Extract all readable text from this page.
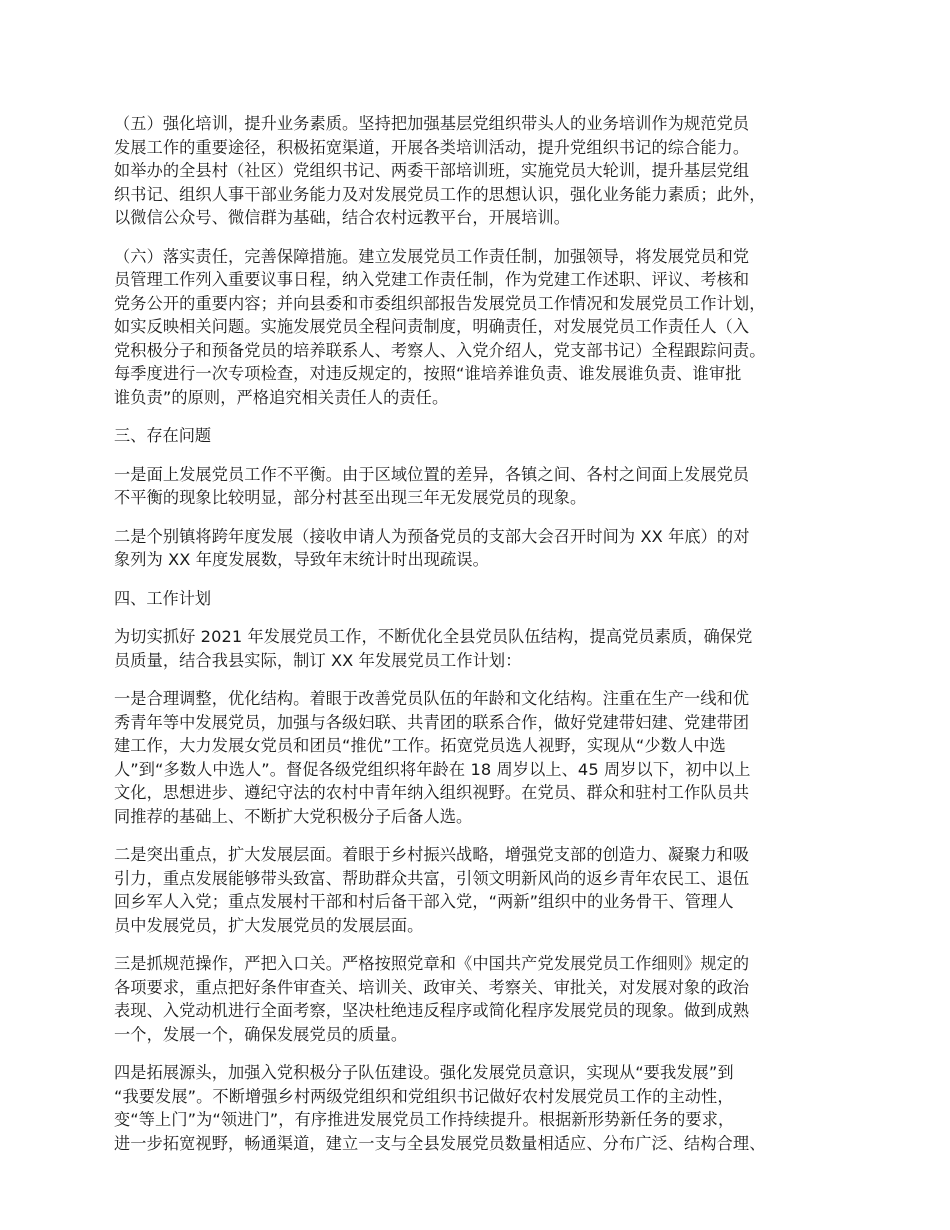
（五）强化培训，提升业务素质。坚持把加强基层党组织带头人的业务培训作为规范党员
发展工作的重要途径，积极拓宽渠道，开展各类培训活动，提升党组织书记的综合能力。
如举办的全县村（社区）党组织书记、两委干部培训班，实施党员大轮训，提升基层党组
织书记、组织人事干部业务能力及对发展党员工作的思想认识，强化业务能力素质；此外，
以微信公众号、微信群为基础，结合农村远教平台，开展培训。
（六）落实责任，完善保障措施。建立发展党员工作责任制，加强领导，将发展党员和党
员管理工作列入重要议事日程，纳入党建工作责任制，作为党建工作述职、评议、考核和
党务公开的重要内容；并向县委和市委组织部报告发展党员工作情况和发展党员工作计划，
如实反映相关问题。实施发展党员全程问责制度，明确责任，对发展党员工作责任人（入
党积极分子和预备党员的培养联系人、考察人、入党介绍人，党支部书记）全程跟踪问责。
每季度进行一次专项检查，对违反规定的，按照“谁培养谁负责、谁发展谁负责、谁审批
谁负责”的原则，严格追究相关责任人的责任。
三、存在问题
一是面上发展党员工作不平衡。由于区域位置的差异，各镇之间、各村之间面上发展党员
不平衡的现象比较明显，部分村甚至出现三年无发展党员的现象。
二是个别镇将跨年度发展（接收申请人为预备党员的支部大会召开时间为 XX 年底）的对
象列为 XX 年度发展数，导致年末统计时出现疏误。
四、工作计划
为切实抓好 2021 年发展党员工作，不断优化全县党员队伍结构，提高党员素质，确保党
员质量，结合我县实际，制订 XX 年发展党员工作计划：
一是合理调整，优化结构。着眼于改善党员队伍的年龄和文化结构。注重在生产一线和优
秀青年等中发展党员，加强与各级妇联、共青团的联系合作，做好党建带妇建、党建带团
建工作，大力发展女党员和团员“推优”工作。拓宽党员选人视野，实现从“少数人中选
人”到“多数人中选人”。督促各级党组织将年龄在 18 周岁以上、45 周岁以下，初中以上
文化，思想进步、遵纪守法的农村中青年纳入组织视野。在党员、群众和驻村工作队员共
同推荐的基础上、不断扩大党积极分子后备人选。
二是突出重点，扩大发展层面。着眼于乡村振兴战略，增强党支部的创造力、凝聚力和吸
引力，重点发展能够带头致富、帮助群众共富，引领文明新风尚的返乡青年农民工、退伍
回乡军人入党；重点发展村干部和村后备干部入党，“两新”组织中的业务骨干、管理人
员中发展党员，扩大发展党员的发展层面。
三是抓规范操作，严把入口关。严格按照党章和《中国共产党发展党员工作细则》规定的
各项要求，重点把好条件审查关、培训关、政审关、考察关、审批关，对发展对象的政治
表现、入党动机进行全面考察，坚决杜绝违反程序或简化程序发展党员的现象。做到成熟
一个，发展一个，确保发展党员的质量。
四是拓展源头，加强入党积极分子队伍建设。强化发展党员意识，实现从“要我发展”到
“我要发展”。不断增强乡村两级党组织和党组织书记做好农村发展党员工作的主动性，
变“等上门”为“领进门”，有序推进发展党员工作持续提升。根据新形势新任务的要求，
进一步拓宽视野，畅通渠道，建立一支与全县发展党员数量相适应、分布广泛、结构合理、
